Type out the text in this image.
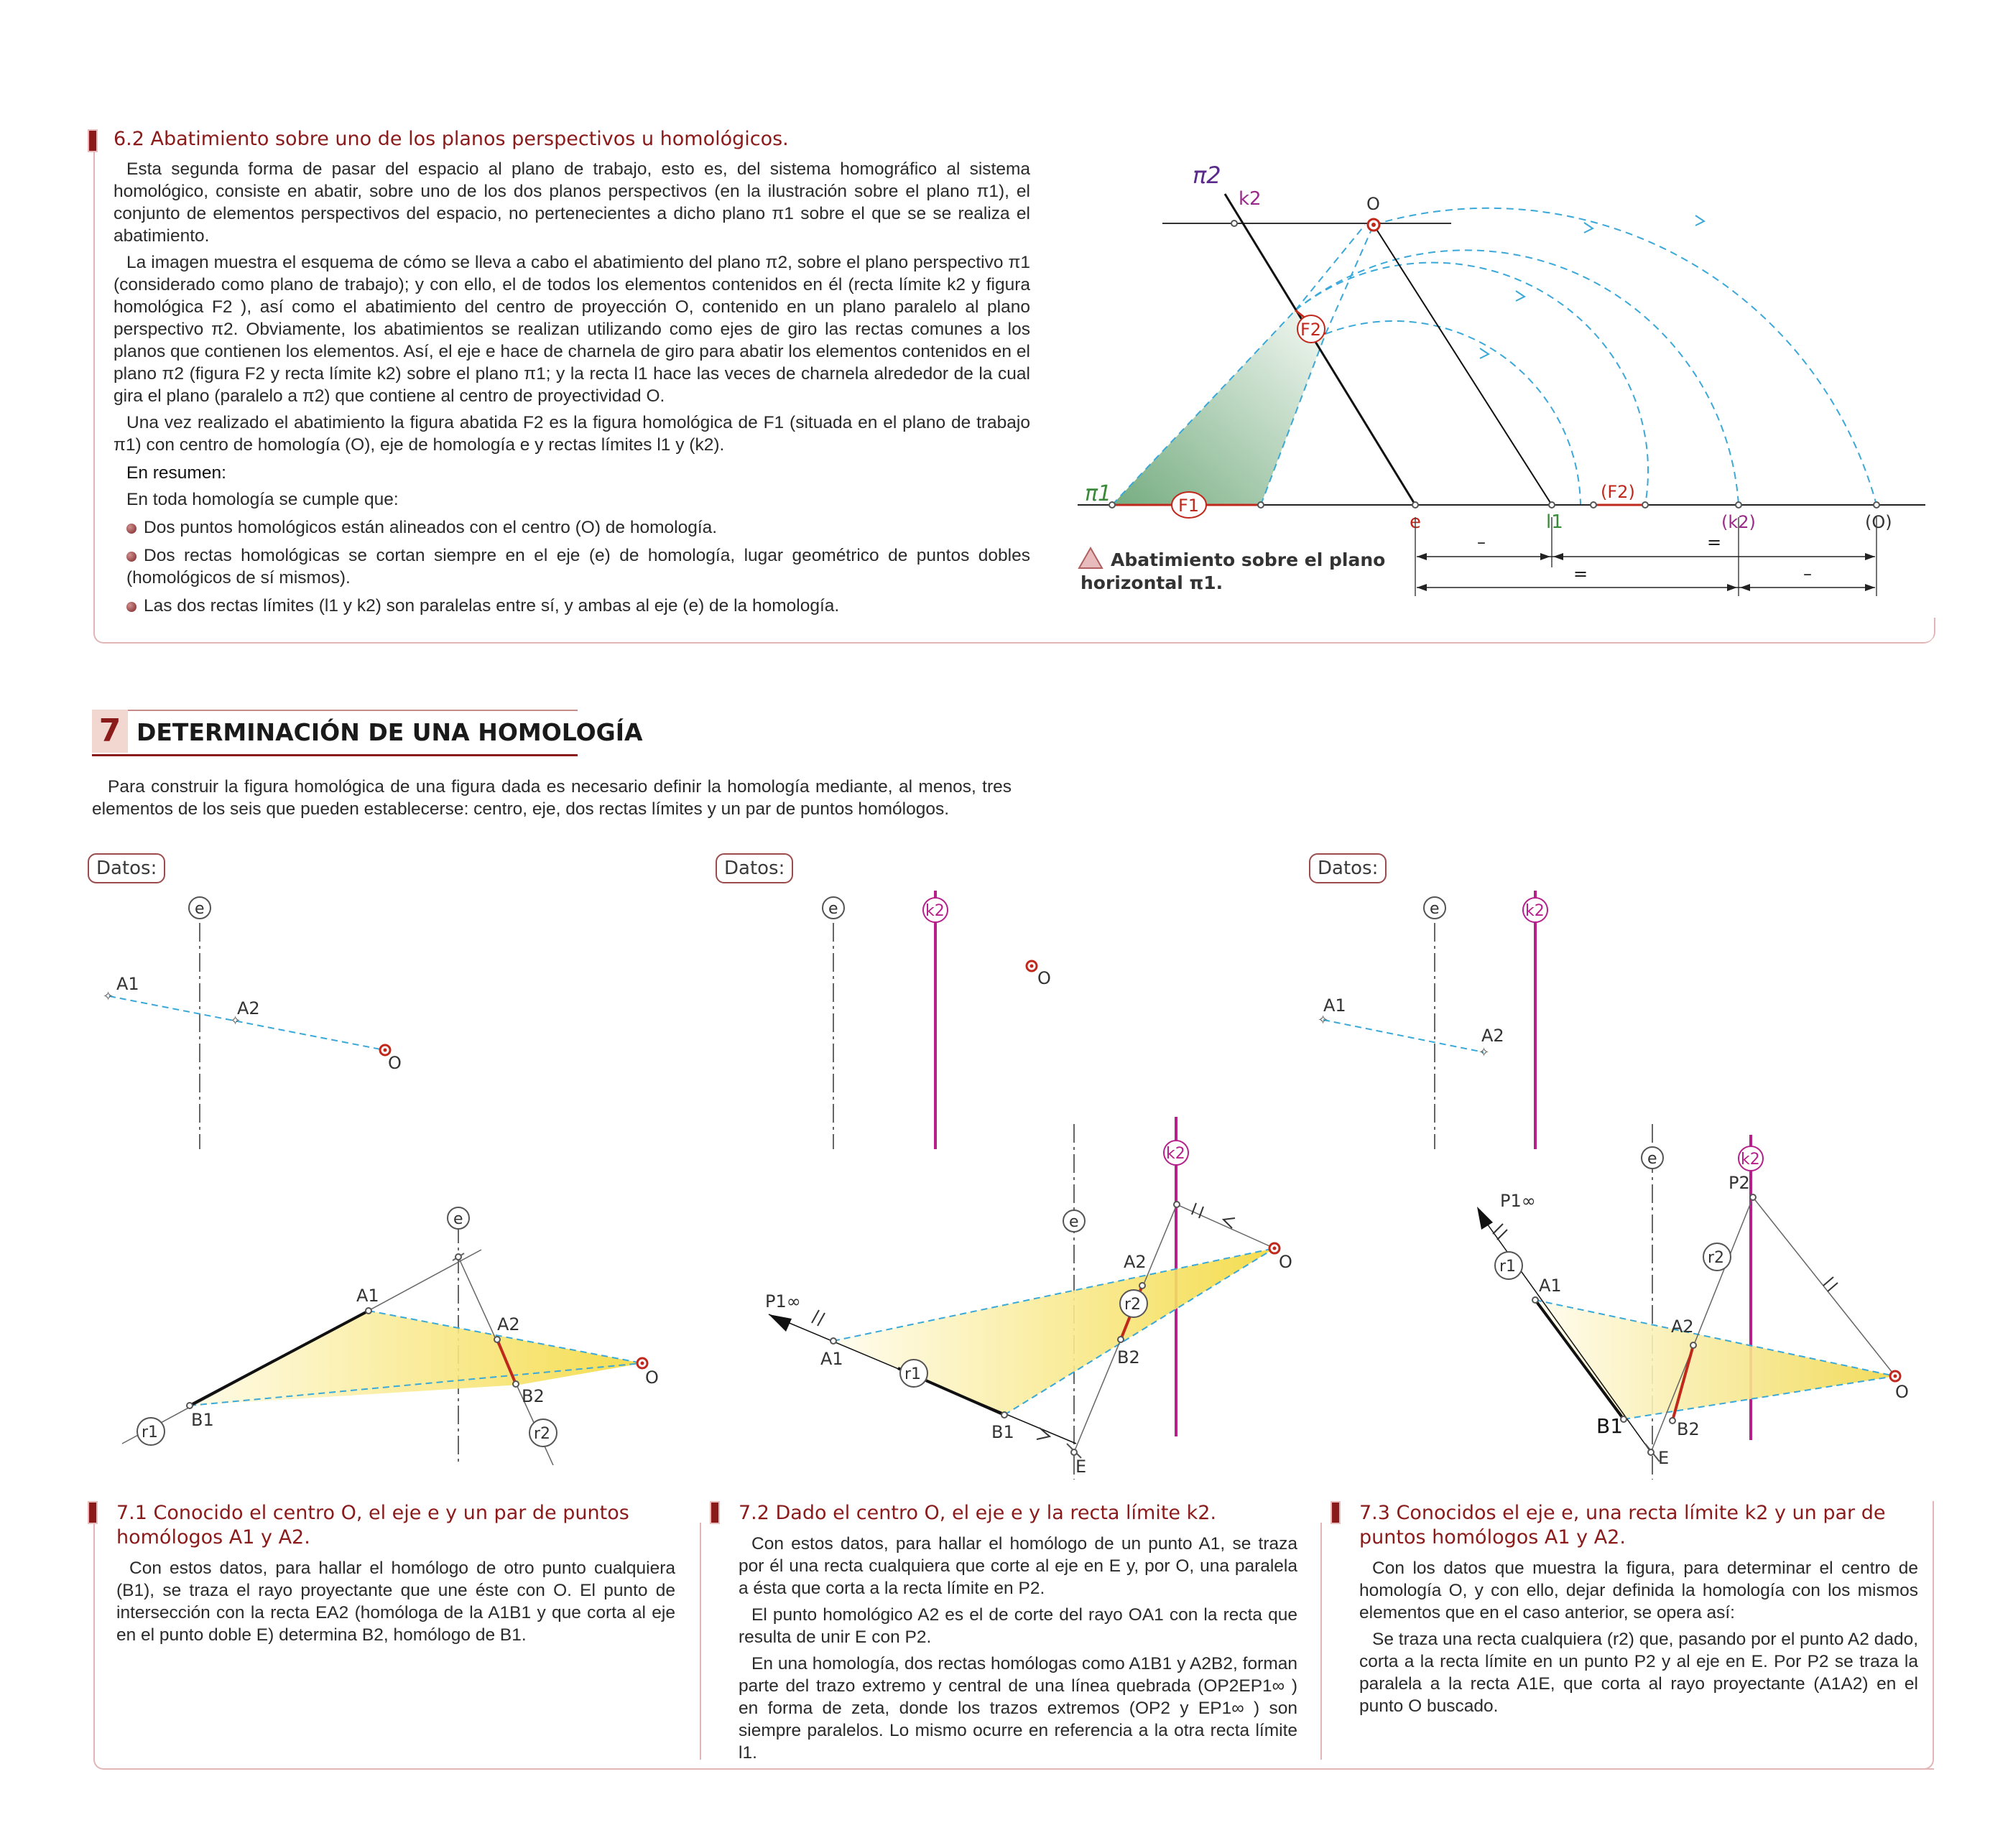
6.2 Abatimiento sobre uno de los planos perspectivos u homológicos.

Esta segunda forma de pasar del espacio al plano de trabajo, esto es, del sistema homográfico al sistema homológico, consiste en abatir, sobre uno de los dos planos perspectivos (en la ilustración sobre el plano π1), el conjunto de elementos perspectivos del espacio, no pertenecientes a dicho plano π1 sobre el que se se realiza el abatimiento.

La imagen muestra el esquema de cómo se lleva a cabo el abatimiento del plano π2, sobre el plano perspectivo π1 (considerado como plano de trabajo); y con ello, el de todos los elementos contenidos en él (recta límite k2 y figura homológica F2 ), así como el abatimiento del centro de proyección O, contenido en un plano paralelo al plano perspectivo π2. Obviamente, los abatimientos se realizan utilizando como ejes de giro las rectas comunes a los planos que contienen los elementos. Así, el eje e hace de charnela de giro para abatir los elementos contenidos en el plano π2 (figura F2 y recta límite k2) sobre el plano π1; y la recta l1 hace las veces de charnela alrededor de la cual gira el plano (paralelo a π2) que contiene al centro de proyectividad O.

Una vez realizado el abatimiento la figura abatida F2 es la figura homológica de F1 (situada en el plano de trabajo π1) con centro de homología (O), eje de homología e y rectas límites l1 y (k2).

En resumen:
En toda homología se cumple que:
Dos puntos homológicos están alineados con el centro (O) de homología.
Dos rectas homológicas se cortan siempre en el eje (e) de homología, lugar geométrico de puntos dobles (homológicos de sí mismos).
Las dos rectas límites (l1 y k2) son paralelas entre sí, y ambas al eje (e) de la homología.
π2
k2	O
F2
π1	F1
e	l1
(F2)
(k2)	(O)
–	=
=	–
Abatimiento sobre el plano
horizontal π1.
7 DETERMINACIÓN DE UNA HOMOLOGÍA
Para construir la figura homológica de una figura dada es necesario definir la homología mediante, al menos, tres elementos de los seis que pueden establecerse: centro, eje, dos rectas límites y un par de puntos homólogos.
Datos:	Datos:	Datos:
e
✧
A1
✧
A2
O
e
A1
A2
B1
B2
O
r1	r2
e	k2
O
e
k2
P1∞
A1
B1
A2
B2
E
O
r1
r2
e	k2
✧
A1
✧
A2
e	k2
P1∞
P2
A1
A2
B1	B2
E
O
r1	r2
7.1 Conocido el centro O, el eje e y un par de puntos homólogos A1 y A2.

Con estos datos, para hallar el homólogo de otro punto cualquiera (B1), se traza el rayo proyectante que une éste con O. El punto de intersección con la recta EA2 (homóloga de la A1B1 y que corta al eje en el punto doble E) determina B2, homólogo de B1.

7.2 Dado el centro O, el eje e y la recta límite k2.

Con estos datos, para hallar el homólogo de un punto A1, se traza por él una recta cualquiera que corte al eje en E y, por O, una paralela a ésta que corta a la recta límite en P2.

El punto homológico A2 es el de corte del rayo OA1 con la recta que resulta de unir E con P2.

En una homología, dos rectas homólogas como A1B1 y A2B2, forman parte del trazo extremo y central de una línea quebrada (OP2EP1∞ ) en forma de zeta, donde los trazos extremos (OP2 y EP1∞ ) son siempre paralelos. Lo mismo ocurre en referencia a la otra recta límite l1.

7.3 Conocidos el eje e, una recta límite k2 y un par de puntos homólogos A1 y A2.

Con los datos que muestra la figura, para determinar el centro de homología O, y con ello, dejar definida la homología con los mismos elementos que en el caso anterior, se opera así:

Se traza una recta cualquiera (r2) que, pasando por el punto A2 dado, corta a la recta límite en un punto P2 y al eje en E. Por P2 se traza la paralela a la recta A1E, que corta al rayo proyectante (A1A2) en el punto O buscado.
